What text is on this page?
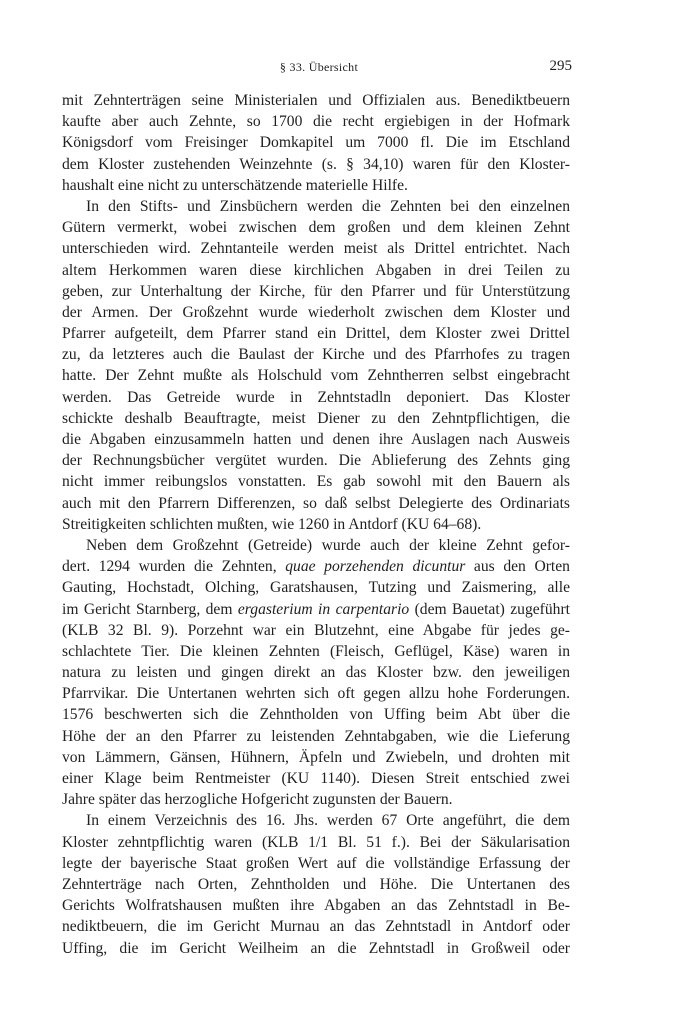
§ 33. Übersicht	295
mit Zehnterträgen seine Ministerialen und Offizialen aus. Benediktbeuern
kaufte aber auch Zehnte, so 1700 die recht ergiebigen in der Hofmark
Königsdorf vom Freisinger Domkapitel um 7000 fl. Die im Etschland
dem Kloster zustehenden Weinzehnte (s. § 34,10) waren für den Kloster-
haushalt eine nicht zu unterschätzende materielle Hilfe.
In den Stifts- und Zinsbüchern werden die Zehnten bei den einzelnen
Gütern vermerkt, wobei zwischen dem großen und dem kleinen Zehnt
unterschieden wird. Zehntanteile werden meist als Drittel entrichtet. Nach
altem Herkommen waren diese kirchlichen Abgaben in drei Teilen zu
geben, zur Unterhaltung der Kirche, für den Pfarrer und für Unterstützung
der Armen. Der Großzehnt wurde wiederholt zwischen dem Kloster und
Pfarrer aufgeteilt, dem Pfarrer stand ein Drittel, dem Kloster zwei Drittel
zu, da letzteres auch die Baulast der Kirche und des Pfarrhofes zu tragen
hatte. Der Zehnt mußte als Holschuld vom Zehntherren selbst eingebracht
werden. Das Getreide wurde in Zehntstadln deponiert. Das Kloster
schickte deshalb Beauftragte, meist Diener zu den Zehntpflichtigen, die
die Abgaben einzusammeln hatten und denen ihre Auslagen nach Ausweis
der Rechnungsbücher vergütet wurden. Die Ablieferung des Zehnts ging
nicht immer reibungslos vonstatten. Es gab sowohl mit den Bauern als
auch mit den Pfarrern Differenzen, so daß selbst Delegierte des Ordinariats
Streitigkeiten schlichten mußten, wie 1260 in Antdorf (KU 64–68).
Neben dem Großzehnt (Getreide) wurde auch der kleine Zehnt gefor-
dert. 1294 wurden die Zehnten, quae porzehenden dicuntur aus den Orten
Gauting, Hochstadt, Olching, Garatshausen, Tutzing und Zaismering, alle
im Gericht Starnberg, dem ergasterium in carpentario (dem Bauetat) zugeführt
(KLB 32 Bl. 9). Porzehnt war ein Blutzehnt, eine Abgabe für jedes ge-
schlachtete Tier. Die kleinen Zehnten (Fleisch, Geflügel, Käse) waren in
natura zu leisten und gingen direkt an das Kloster bzw. den jeweiligen
Pfarrvikar. Die Untertanen wehrten sich oft gegen allzu hohe Forderungen.
1576 beschwerten sich die Zehntholden von Uffing beim Abt über die
Höhe der an den Pfarrer zu leistenden Zehntabgaben, wie die Lieferung
von Lämmern, Gänsen, Hühnern, Äpfeln und Zwiebeln, und drohten mit
einer Klage beim Rentmeister (KU 1140). Diesen Streit entschied zwei
Jahre später das herzogliche Hofgericht zugunsten der Bauern.
In einem Verzeichnis des 16. Jhs. werden 67 Orte angeführt, die dem
Kloster zehntpflichtig waren (KLB 1/1 Bl. 51 f.). Bei der Säkularisation
legte der bayerische Staat großen Wert auf die vollständige Erfassung der
Zehnterträge nach Orten, Zehntholden und Höhe. Die Untertanen des
Gerichts Wolfratshausen mußten ihre Abgaben an das Zehntstadl in Be-
nediktbeuern, die im Gericht Murnau an das Zehntstadl in Antdorf oder
Uffing, die im Gericht Weilheim an die Zehntstadl in Großweil oder
